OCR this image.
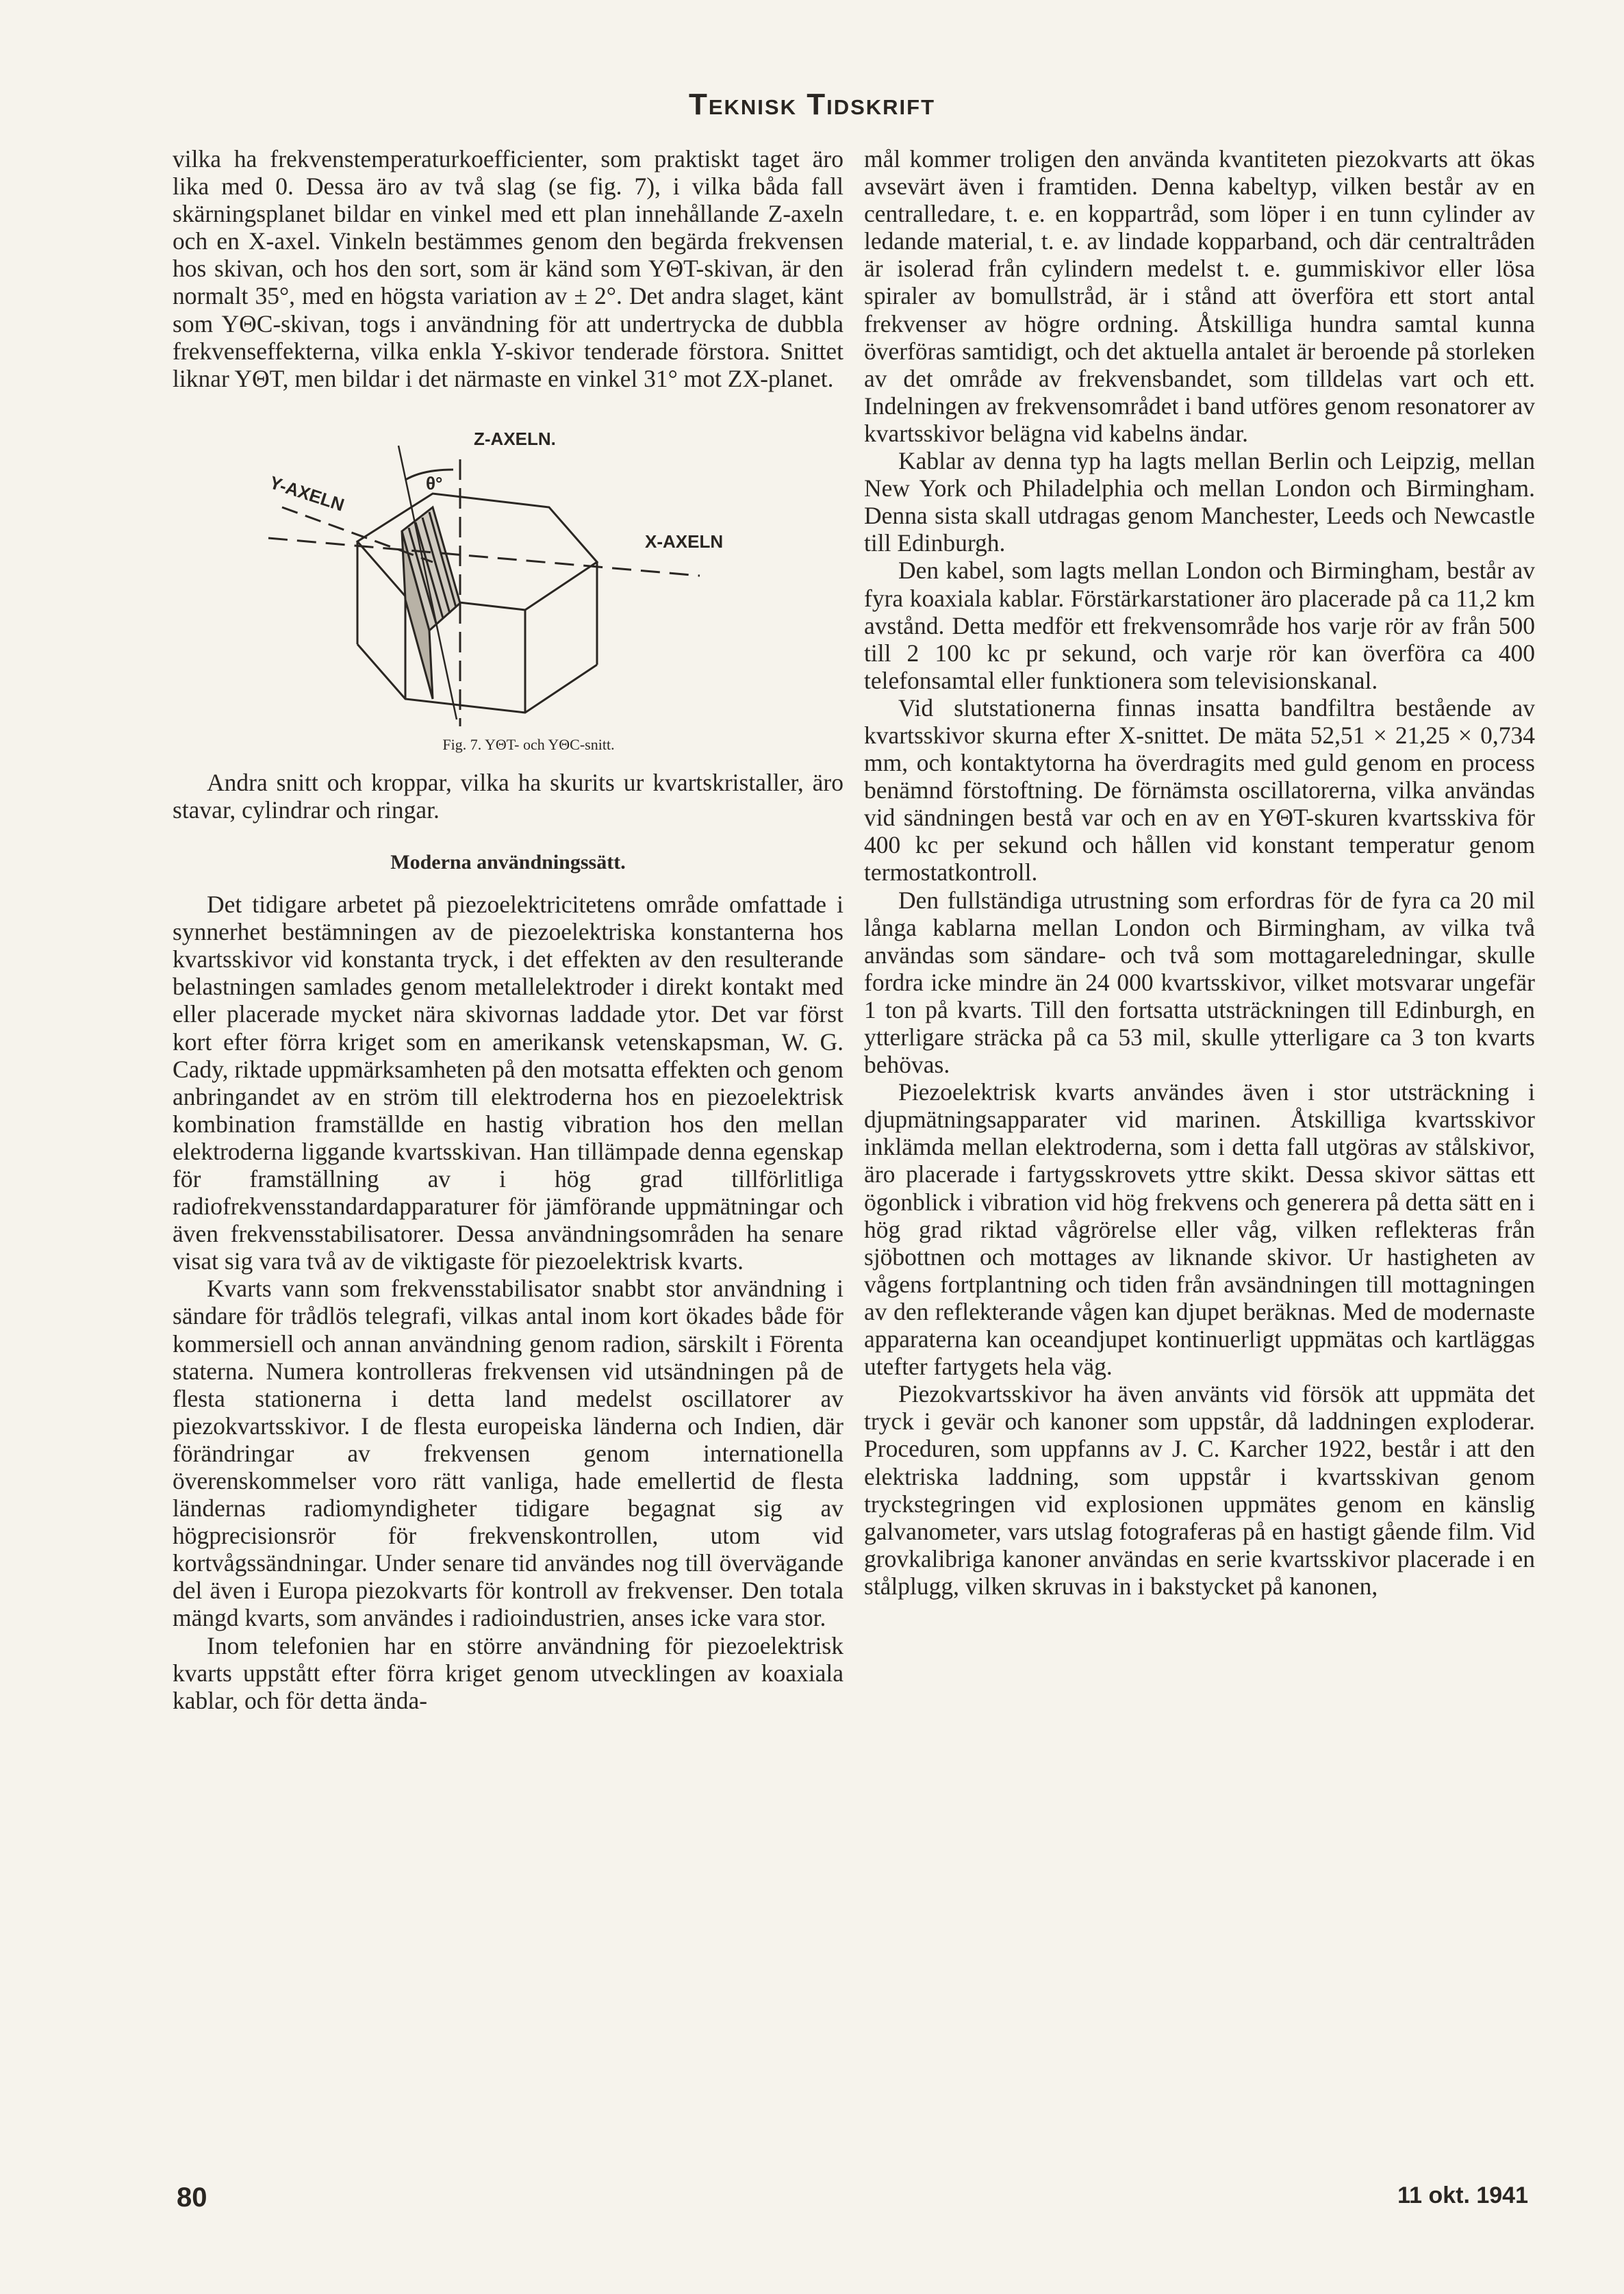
Teknisk Tidskrift

vilka ha frekvenstemperaturkoefficienter, som praktiskt taget äro lika med 0. Dessa äro av två slag (se fig. 7), i vilka båda fall skärningsplanet bildar en vinkel med ett plan innehållande Z-axeln och en X-axel. Vinkeln bestämmes genom den begärda frekvensen hos skivan, och hos den sort, som är känd som YΘT-skivan, är den normalt 35°, med en högsta variation av ± 2°. Det andra slaget, känt som YΘC-skivan, togs i användning för att undertrycka de dubbla frekvenseffekterna, vilka enkla Y-skivor tenderade förstora. Snittet liknar YΘT, men bildar i det närmaste en vinkel 31° mot ZX-planet.

Z-AXELN.
Y-AXELN
X-AXELN
θ°
Fig. 7. YΘT- och YΘC-snitt.

Andra snitt och kroppar, vilka ha skurits ur kvartskristaller, äro stavar, cylindrar och ringar.

Moderna användningssätt.

Det tidigare arbetet på piezoelektricitetens område omfattade i synnerhet bestämningen av de piezoelektriska konstanterna hos kvartsskivor vid konstanta tryck, i det effekten av den resulterande belastningen samlades genom metallelektroder i direkt kontakt med eller placerade mycket nära skivornas laddade ytor. Det var först kort efter förra kriget som en amerikansk vetenskapsman, W. G. Cady, riktade uppmärksamheten på den motsatta effekten och genom anbringandet av en ström till elektroderna hos en piezoelektrisk kombination framställde en hastig vibration hos den mellan elektroderna liggande kvartsskivan. Han tillämpade denna egenskap för framställning av i hög grad tillförlitliga radiofrekvensstandardapparaturer för jämförande uppmätningar och även frekvensstabilisatorer. Dessa användningsområden ha senare visat sig vara två av de viktigaste för piezoelektrisk kvarts.

Kvarts vann som frekvensstabilisator snabbt stor användning i sändare för trådlös telegrafi, vilkas antal inom kort ökades både för kommersiell och annan användning genom radion, särskilt i Förenta staterna. Numera kontrolleras frekvensen vid utsändningen på de flesta stationerna i detta land medelst oscillatorer av piezokvartsskivor. I de flesta europeiska länderna och Indien, där förändringar av frekvensen genom internationella överenskommelser voro rätt vanliga, hade emellertid de flesta ländernas radiomyndigheter tidigare begagnat sig av högprecisionsrör för frekvenskontrollen, utom vid kortvågssändningar. Under senare tid användes nog till övervägande del även i Europa piezokvarts för kontroll av frekvenser. Den totala mängd kvarts, som användes i radioindustrien, anses icke vara stor.

Inom telefonien har en större användning för piezoelektrisk kvarts uppstått efter förra kriget genom utvecklingen av koaxiala kablar, och för detta ända-

mål kommer troligen den använda kvantiteten piezokvarts att ökas avsevärt även i framtiden. Denna kabeltyp, vilken består av en centralledare, t. e. en koppartråd, som löper i en tunn cylinder av ledande material, t. e. av lindade kopparband, och där centraltråden är isolerad från cylindern medelst t. e. gummiskivor eller lösa spiraler av bomullstråd, är i stånd att överföra ett stort antal frekvenser av högre ordning. Åtskilliga hundra samtal kunna överföras samtidigt, och det aktuella antalet är beroende på storleken av det område av frekvensbandet, som tilldelas vart och ett. Indelningen av frekvensområdet i band utföres genom resonatorer av kvartsskivor belägna vid kabelns ändar.

Kablar av denna typ ha lagts mellan Berlin och Leipzig, mellan New York och Philadelphia och mellan London och Birmingham. Denna sista skall utdragas genom Manchester, Leeds och Newcastle till Edinburgh.

Den kabel, som lagts mellan London och Birmingham, består av fyra koaxiala kablar. Förstärkarstationer äro placerade på ca 11,2 km avstånd. Detta medför ett frekvensområde hos varje rör av från 500 till 2 100 kc pr sekund, och varje rör kan överföra ca 400 telefonsamtal eller funktionera som televisionskanal.

Vid slutstationerna finnas insatta bandfiltra bestående av kvartsskivor skurna efter X-snittet. De mäta 52,51 × 21,25 × 0,734 mm, och kontaktytorna ha överdragits med guld genom en process benämnd förstoftning. De förnämsta oscillatorerna, vilka användas vid sändningen bestå var och en av en YΘT-skuren kvartsskiva för 400 kc per sekund och hållen vid konstant temperatur genom termostatkontroll.

Den fullständiga utrustning som erfordras för de fyra ca 20 mil långa kablarna mellan London och Birmingham, av vilka två användas som sändare- och två som mottagareledningar, skulle fordra icke mindre än 24 000 kvartsskivor, vilket motsvarar ungefär 1 ton på kvarts. Till den fortsatta utsträckningen till Edinburgh, en ytterligare sträcka på ca 53 mil, skulle ytterligare ca 3 ton kvarts behövas.

Piezoelektrisk kvarts användes även i stor utsträckning i djupmätningsapparater vid marinen. Åtskilliga kvartsskivor inklämda mellan elektroderna, som i detta fall utgöras av stålskivor, äro placerade i fartygsskrovets yttre skikt. Dessa skivor sättas ett ögonblick i vibration vid hög frekvens och generera på detta sätt en i hög grad riktad vågrörelse eller våg, vilken reflekteras från sjöbottnen och mottages av liknande skivor. Ur hastigheten av vågens fortplantning och tiden från avsändningen till mottagningen av den reflekterande vågen kan djupet beräknas. Med de modernaste apparaterna kan oceandjupet kontinuerligt uppmätas och kartläggas utefter fartygets hela väg.

Piezokvartsskivor ha även använts vid försök att uppmäta det tryck i gevär och kanoner som uppstår, då laddningen exploderar. Proceduren, som uppfanns av J. C. Karcher 1922, består i att den elektriska laddning, som uppstår i kvartsskivan genom tryckstegringen vid explosionen uppmätes genom en känslig galvanometer, vars utslag fotograferas på en hastigt gående film. Vid grovkalibriga kanoner användas en serie kvartsskivor placerade i en stålplugg, vilken skruvas in i bakstycket på kanonen,

80	11 okt. 1941
